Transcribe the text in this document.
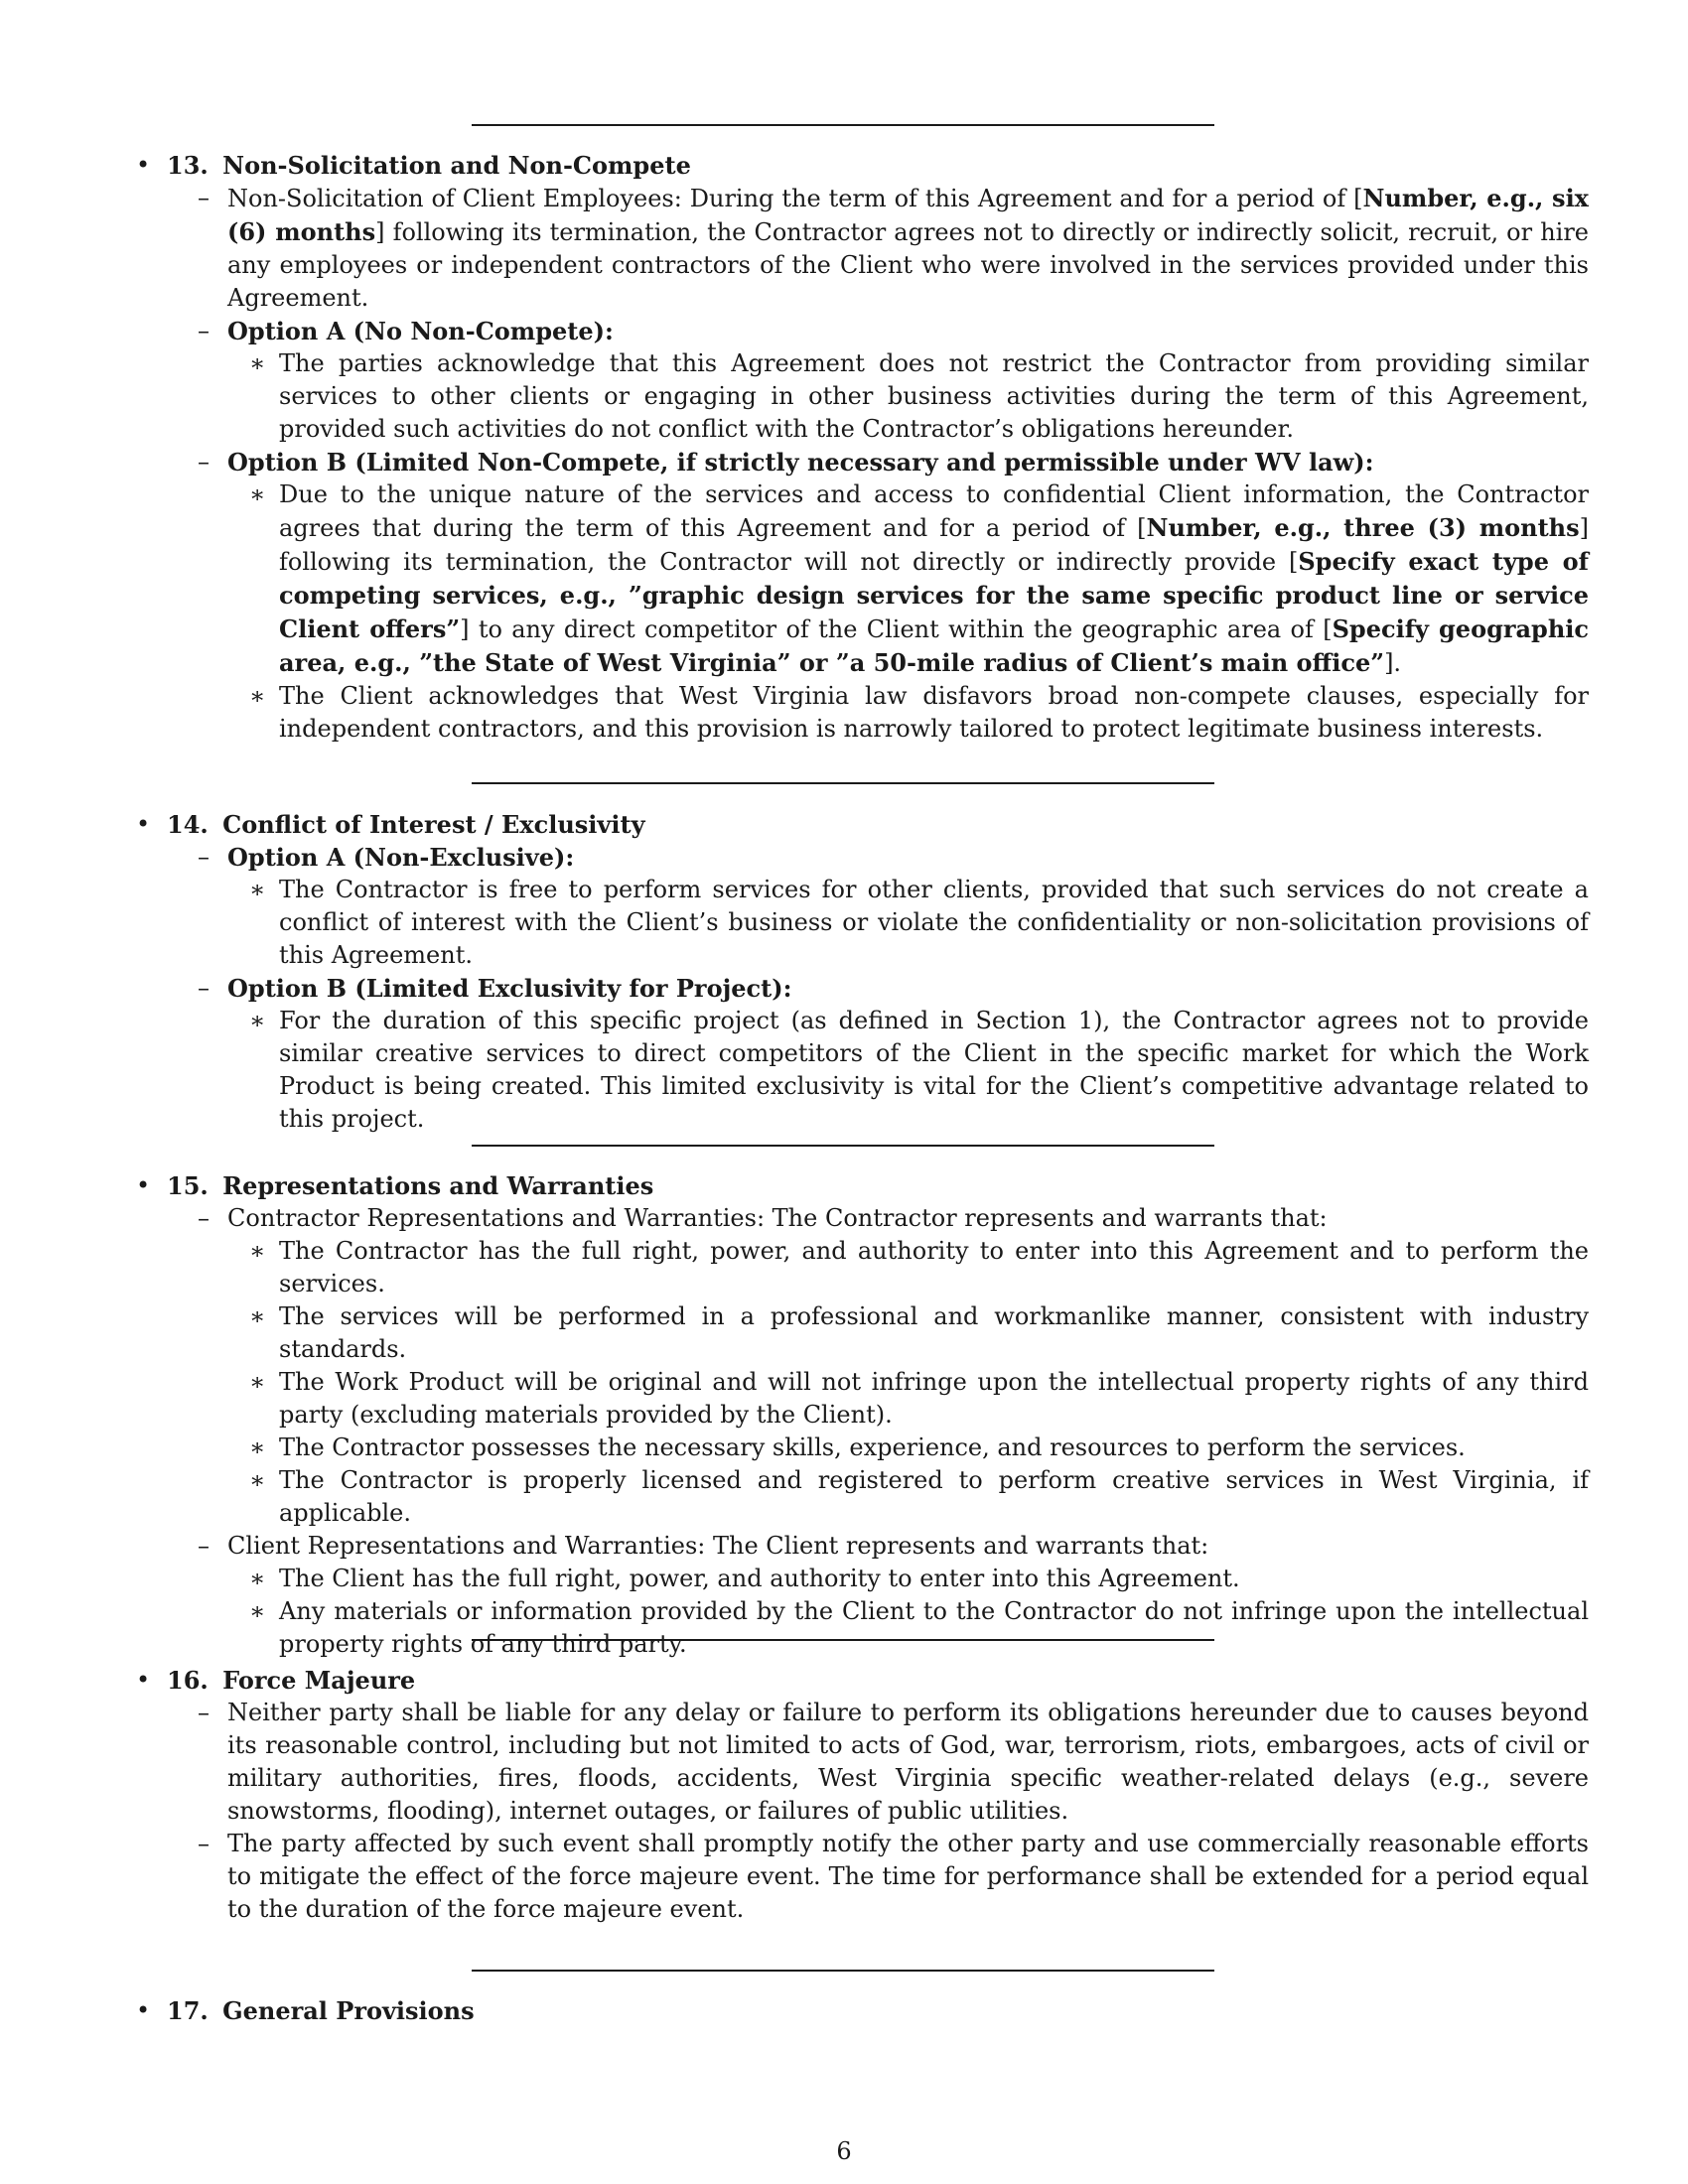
• 13. Non-Solicitation and Non-Compete
– Non-Solicitation of Client Employees: During the term of this Agreement and for a period of [Number, e.g., six (6) months] following its termination, the Contractor agrees not to directly or indirectly solicit, recruit, or hire any employees or independent contractors of the Client who were involved in the services provided under this Agreement.
– Option A (No Non-Compete):
∗ The parties acknowledge that this Agreement does not restrict the Contractor from providing similar services to other clients or engaging in other business activities during the term of this Agreement, provided such activities do not conflict with the Contractor’s obligations hereunder.
– Option B (Limited Non-Compete, if strictly necessary and permissible under WV law):
∗ Due to the unique nature of the services and access to confidential Client information, the Contractor agrees that during the term of this Agreement and for a period of [Number, e.g., three (3) months] following its termination, the Contractor will not directly or indirectly provide [Specify exact type of competing services, e.g., ”graphic design services for the same specific product line or service Client offers”] to any direct competitor of the Client within the geographic area of [Specify geographic area, e.g., ”the State of West Virginia” or ”a 50-mile radius of Client’s main office”].
∗ The Client acknowledges that West Virginia law disfavors broad non-compete clauses, especially for independent contractors, and this provision is narrowly tailored to protect legitimate business interests.
• 14. Conflict of Interest / Exclusivity
– Option A (Non-Exclusive):
∗ The Contractor is free to perform services for other clients, provided that such services do not create a conflict of interest with the Client’s business or violate the confidentiality or non-solicitation provisions of this Agreement.
– Option B (Limited Exclusivity for Project):
∗ For the duration of this specific project (as defined in Section 1), the Contractor agrees not to provide similar creative services to direct competitors of the Client in the specific market for which the Work Product is being created. This limited exclusivity is vital for the Client’s competitive advantage related to this project.
• 15. Representations and Warranties
– Contractor Representations and Warranties: The Contractor represents and warrants that:
∗ The Contractor has the full right, power, and authority to enter into this Agreement and to perform the services.
∗ The services will be performed in a professional and workmanlike manner, consistent with industry standards.
∗ The Work Product will be original and will not infringe upon the intellectual property rights of any third party (excluding materials provided by the Client).
∗ The Contractor possesses the necessary skills, experience, and resources to perform the services.
∗ The Contractor is properly licensed and registered to perform creative services in West Virginia, if applicable.
– Client Representations and Warranties: The Client represents and warrants that:
∗ The Client has the full right, power, and authority to enter into this Agreement.
∗ Any materials or information provided by the Client to the Contractor do not infringe upon the intellectual property rights of any third party.
• 16. Force Majeure
– Neither party shall be liable for any delay or failure to perform its obligations hereunder due to causes beyond its reasonable control, including but not limited to acts of God, war, terrorism, riots, embargoes, acts of civil or military authorities, fires, floods, accidents, West Virginia specific weather-related delays (e.g., severe snowstorms, flooding), internet outages, or failures of public utilities.
– The party affected by such event shall promptly notify the other party and use commercially reasonable efforts to mitigate the effect of the force majeure event. The time for performance shall be extended for a period equal to the duration of the force majeure event.
• 17. General Provisions
6
